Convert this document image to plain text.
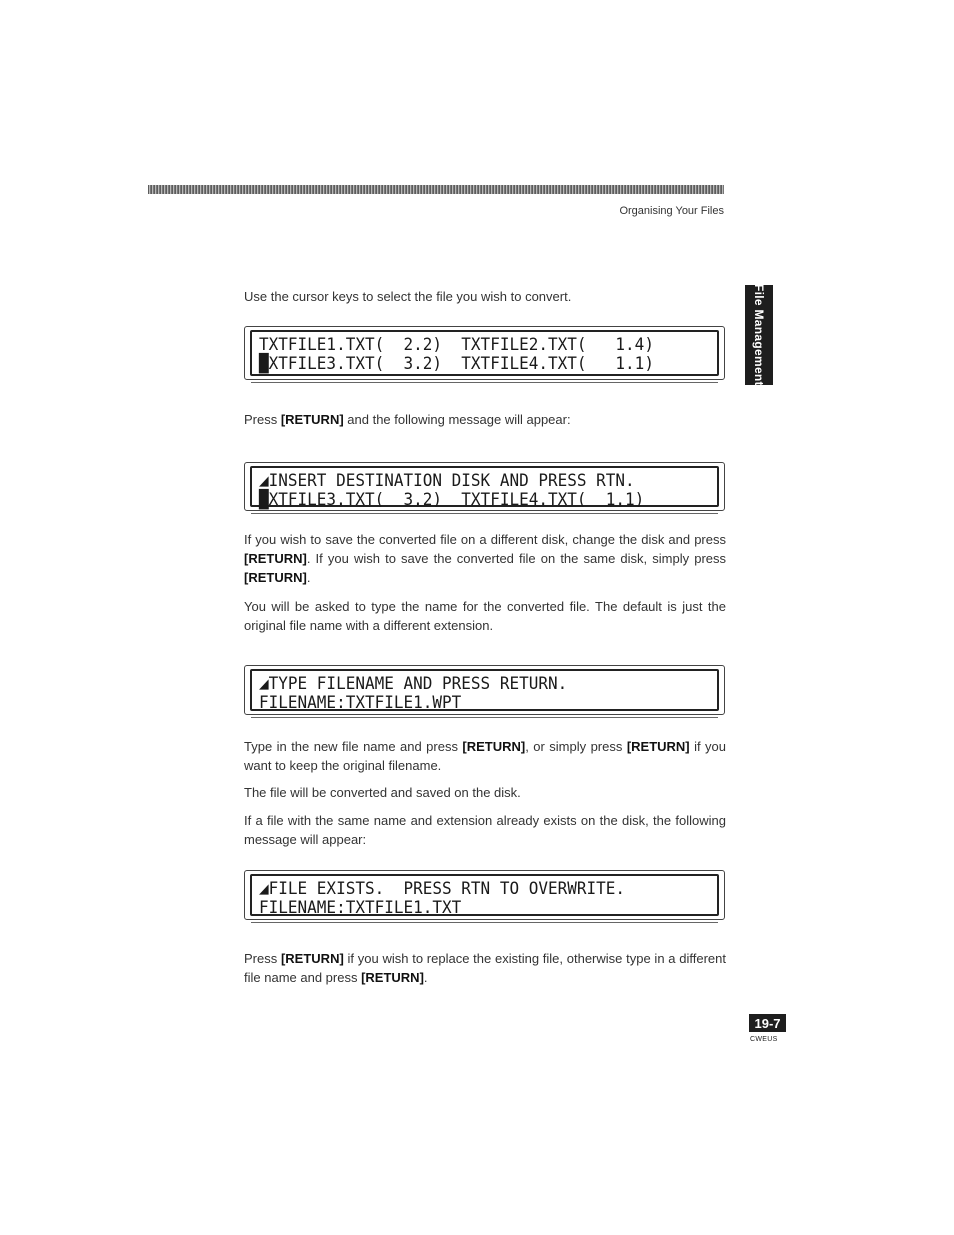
Organising Your Files
File Management

Use the cursor keys to select the file you wish to convert.

TXTFILE1.TXT(  2.2)  TXTFILE2.TXT(   1.4)
█XTFILE3.TXT(  3.2)  TXTFILE4.TXT(   1.1)

Press [RETURN] and the following message will appear:

◢INSERT DESTINATION DISK AND PRESS RTN.
█XTFILE3.TXT(  3.2)  TXTFILE4.TXT(  1.1)

If you wish to save the converted file on a different disk, change the disk and press [RETURN]. If you wish to save the converted file on the same disk, simply press [RETURN].

You will be asked to type the name for the converted file. The default is just the original file name with a different extension.

◢TYPE FILENAME AND PRESS RETURN.
FILENAME:TXTFILE1.WPT

Type in the new file name and press [RETURN], or simply press [RETURN] if you want to keep the original filename.

The file will be converted and saved on the disk.

If a file with the same name and extension already exists on the disk, the following message will appear:

◢FILE EXISTS.  PRESS RTN TO OVERWRITE.
FILENAME:TXTFILE1.TXT

Press [RETURN] if you wish to replace the existing file, otherwise type in a different file name and press [RETURN].

19-7
CWEUS
